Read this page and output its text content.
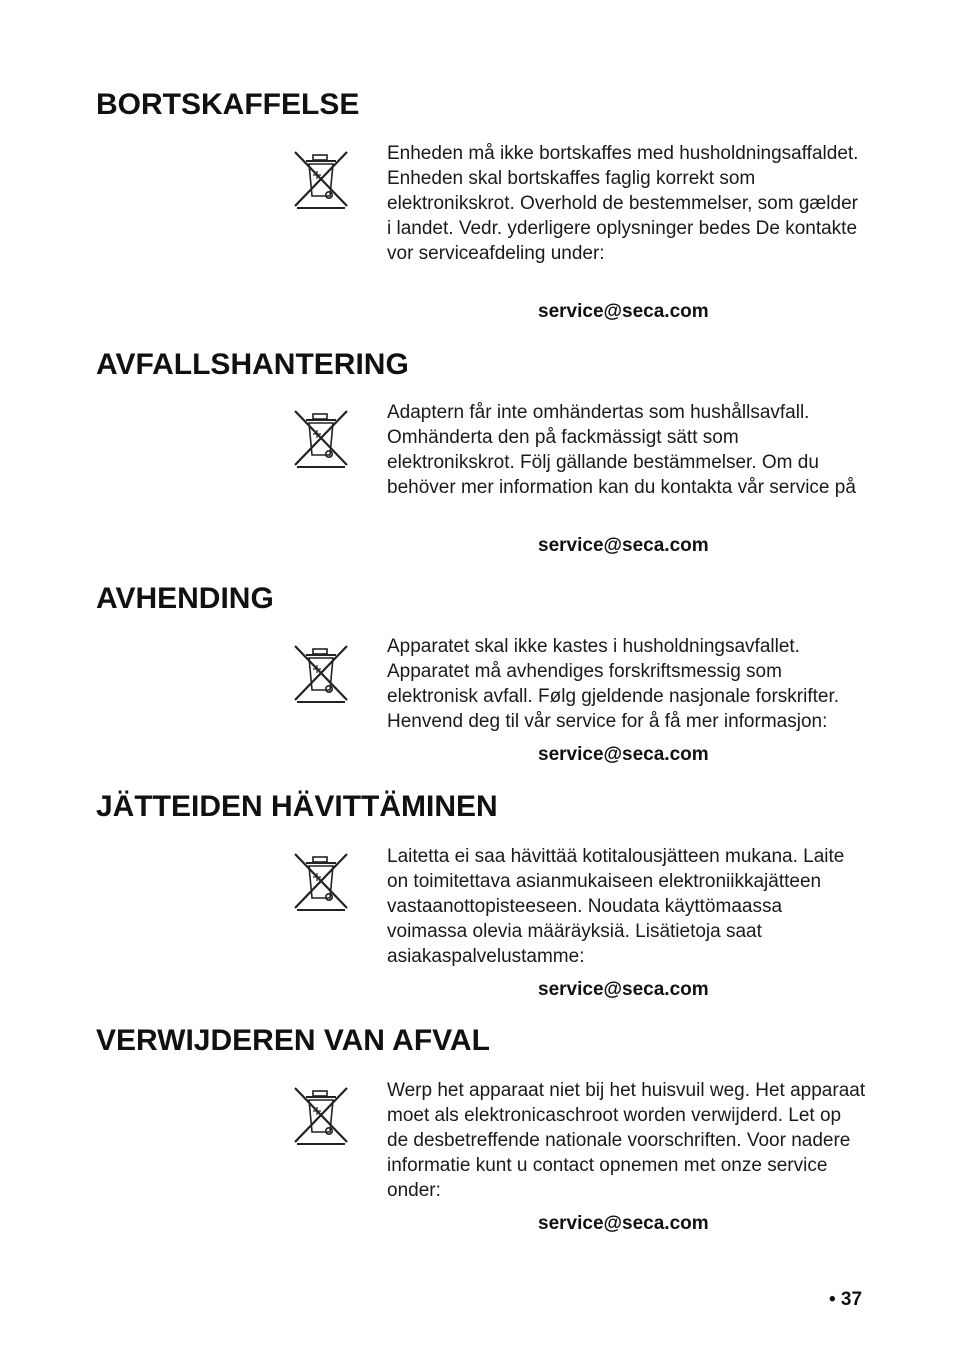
BORTSKAFFELSE

Enheden må ikke bortskaffes med husholdningsaffaldet. Enheden skal bortskaffes faglig korrekt som elektronikskrot. Overhold de bestemmelser, som gælder i landet. Vedr. yderligere oplysninger bedes De kontakte vor serviceafdeling under:

service@seca.com

AVFALLSHANTERING

Adaptern får inte omhändertas som hushållsavfall. Omhänderta den på fackmässigt sätt som elektronikskrot. Följ gällande bestämmelser. Om du behöver mer information kan du kontakta vår service på

service@seca.com

AVHENDING

Apparatet skal ikke kastes i husholdningsavfallet. Apparatet må avhendiges forskriftsmessig som elektronisk avfall. Følg gjeldende nasjonale forskrifter. Henvend deg til vår service for å få mer informasjon:

service@seca.com

JÄTTEIDEN HÄVITTÄMINEN

Laitetta ei saa hävittää kotitalousjätteen mukana. Laite on toimitettava asianmukaiseen elektroniikkajätteen vastaanottopisteeseen. Noudata käyttömaassa voimassa olevia määräyksiä. Lisätietoja saat asiakaspalvelustamme:

service@seca.com

VERWIJDEREN VAN AFVAL

Werp het apparaat niet bij het huisvuil weg. Het apparaat moet als elektronicaschroot worden verwijderd. Let op de desbetreffende nationale voorschriften. Voor nadere informatie kunt u contact opnemen met onze service onder:

service@seca.com

• 37
